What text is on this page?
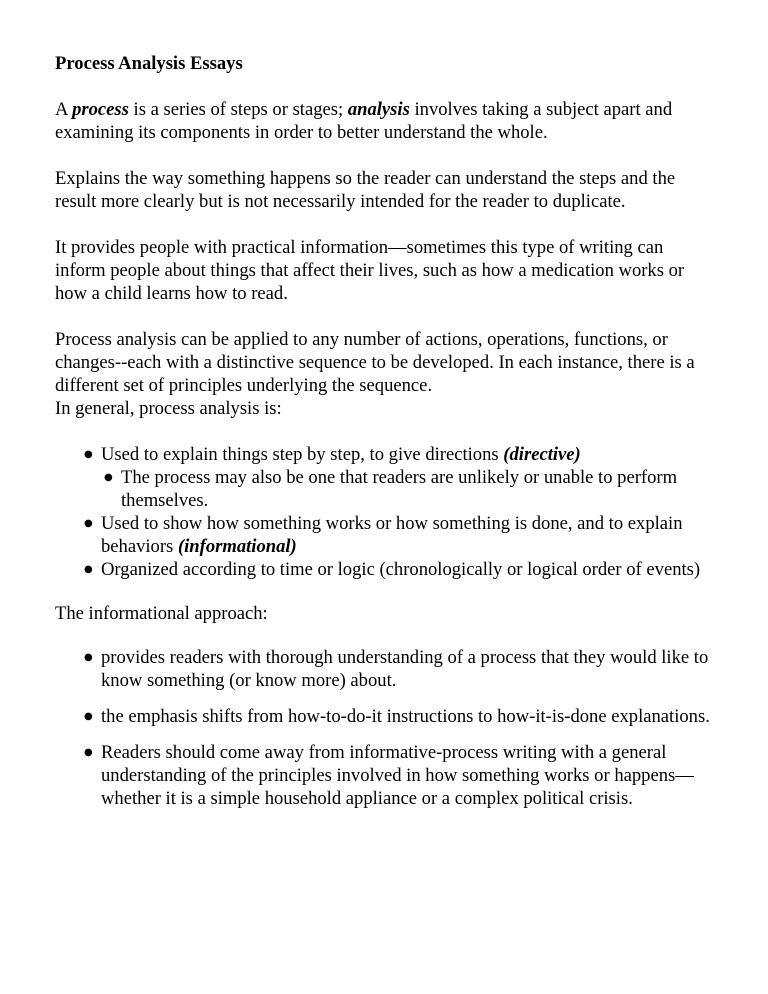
Process Analysis Essays

A process is a series of steps or stages; analysis involves taking a subject apart and examining its components in order to better understand the whole.

Explains the way something happens so the reader can understand the steps and the result more clearly but is not necessarily intended for the reader to duplicate.

It provides people with practical information—sometimes this type of writing can inform people about things that affect their lives, such as how a medication works or how a child learns how to read.

Process analysis can be applied to any number of actions, operations, functions, or changes--each with a distinctive sequence to be developed. In each instance, there is a different set of principles underlying the sequence.

In general, process analysis is:

● Used to explain things step by step, to give directions (directive)
● The process may also be one that readers are unlikely or unable to perform themselves.
● Used to show how something works or how something is done, and to explain behaviors (informational)
● Organized according to time or logic (chronologically or logical order of events)

The informational approach:

● provides readers with thorough understanding of a process that they would like to know something (or know more) about.
● the emphasis shifts from how-to-do-it instructions to how-it-is-done explanations.
● Readers should come away from informative-process writing with a general understanding of the principles involved in how something works or happens—whether it is a simple household appliance or a complex political crisis.
